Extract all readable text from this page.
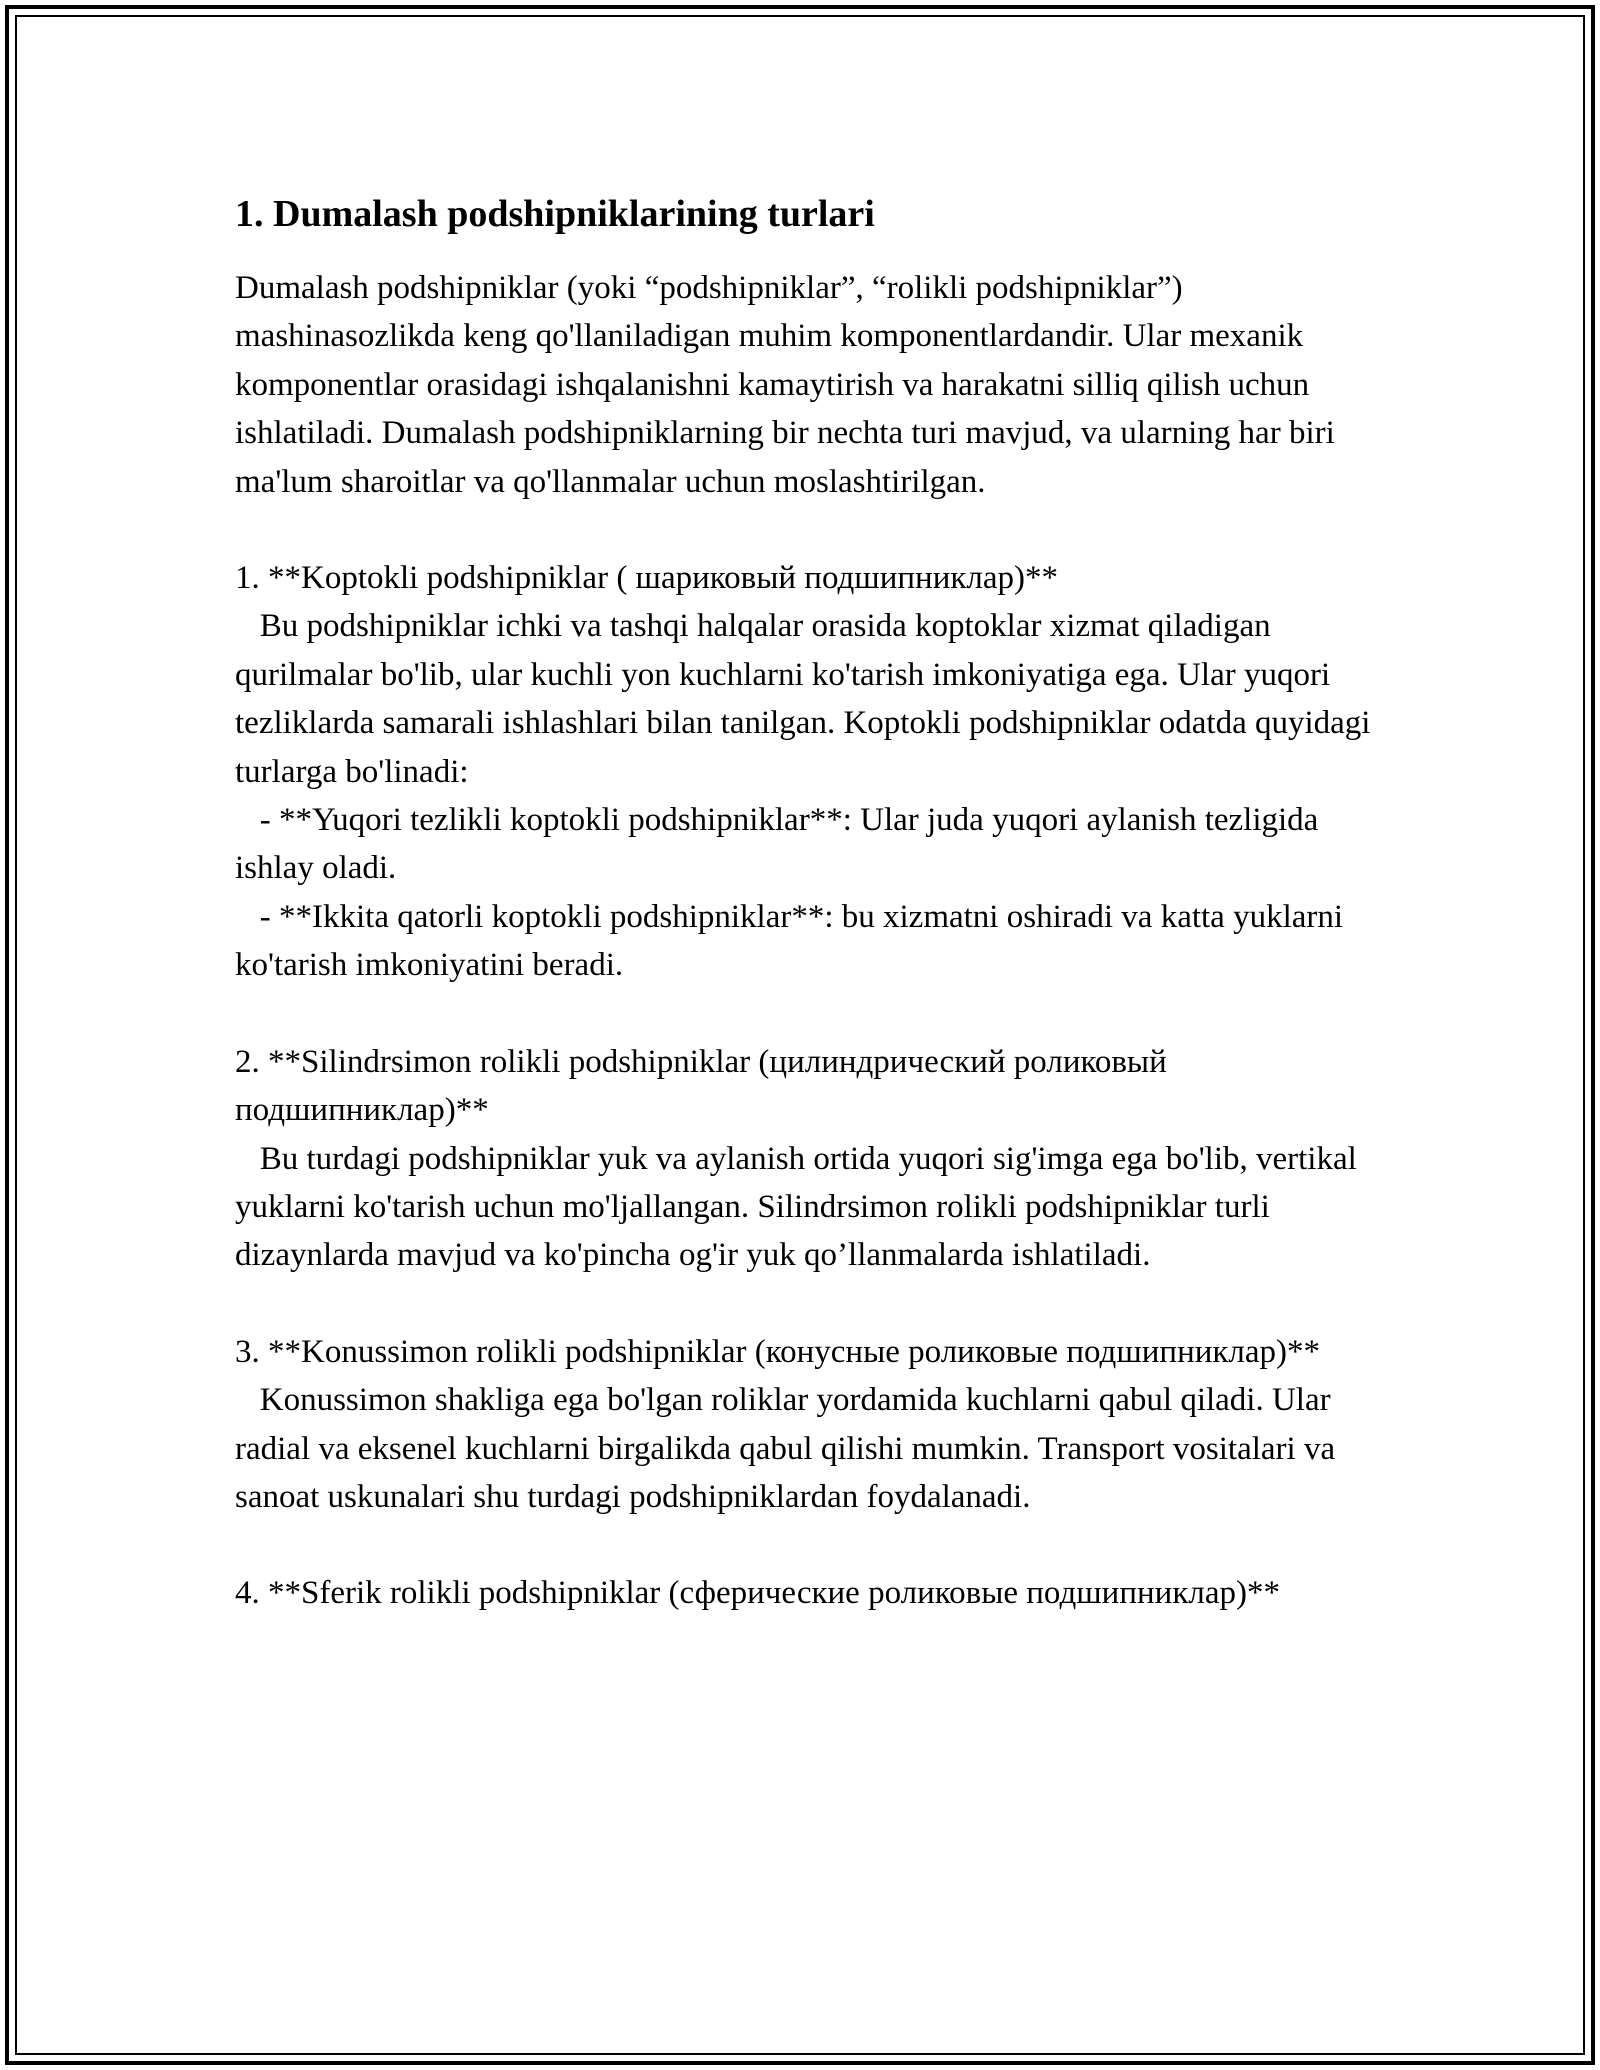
1. Dumalash podshipniklarining turlari

Dumalash podshipniklar (yoki “podshipniklar”, “rolikli podshipniklar”) mashinasozlikda keng qo'llaniladigan muhim komponentlardandir. Ular mexanik komponentlar orasidagi ishqalanishni kamaytirish va harakatni silliq qilish uchun ishlatiladi. Dumalash podshipniklarning bir nechta turi mavjud, va ularning har biri ma'lum sharoitlar va qo'llanmalar uchun moslashtirilgan.

1. **Koptokli podshipniklar ( шариковый подшипниклар)**

Bu podshipniklar ichki va tashqi halqalar orasida koptoklar xizmat qiladigan qurilmalar bo'lib, ular kuchli yon kuchlarni ko'tarish imkoniyatiga ega. Ular yuqori tezliklarda samarali ishlashlari bilan tanilgan. Koptokli podshipniklar odatda quyidagi turlarga bo'linadi:

- **Yuqori tezlikli koptokli podshipniklar**: Ular juda yuqori aylanish tezligida ishlay oladi.

- **Ikkita qatorli koptokli podshipniklar**: bu xizmatni oshiradi va katta yuklarni ko'tarish imkoniyatini beradi.

2. **Silindrsimon rolikli podshipniklar (цилиндрический роликовый подшипниклар)**

Bu turdagi podshipniklar yuk va aylanish ortida yuqori sig'imga ega bo'lib, vertikal yuklarni ko'tarish uchun mo'ljallangan. Silindrsimon rolikli podshipniklar turli dizaynlarda mavjud va ko'pincha og'ir yuk qo’llanmalarda ishlatiladi.

3. **Konussimon rolikli podshipniklar (конусные роликовые подшипниклар)**

Konussimon shakliga ega bo'lgan roliklar yordamida kuchlarni qabul qiladi. Ular radial va eksenel kuchlarni birgalikda qabul qilishi mumkin. Transport vositalari va sanoat uskunalari shu turdagi podshipniklardan foydalanadi.

4. **Sferik rolikli podshipniklar (сферические роликовые подшипниклар)**
